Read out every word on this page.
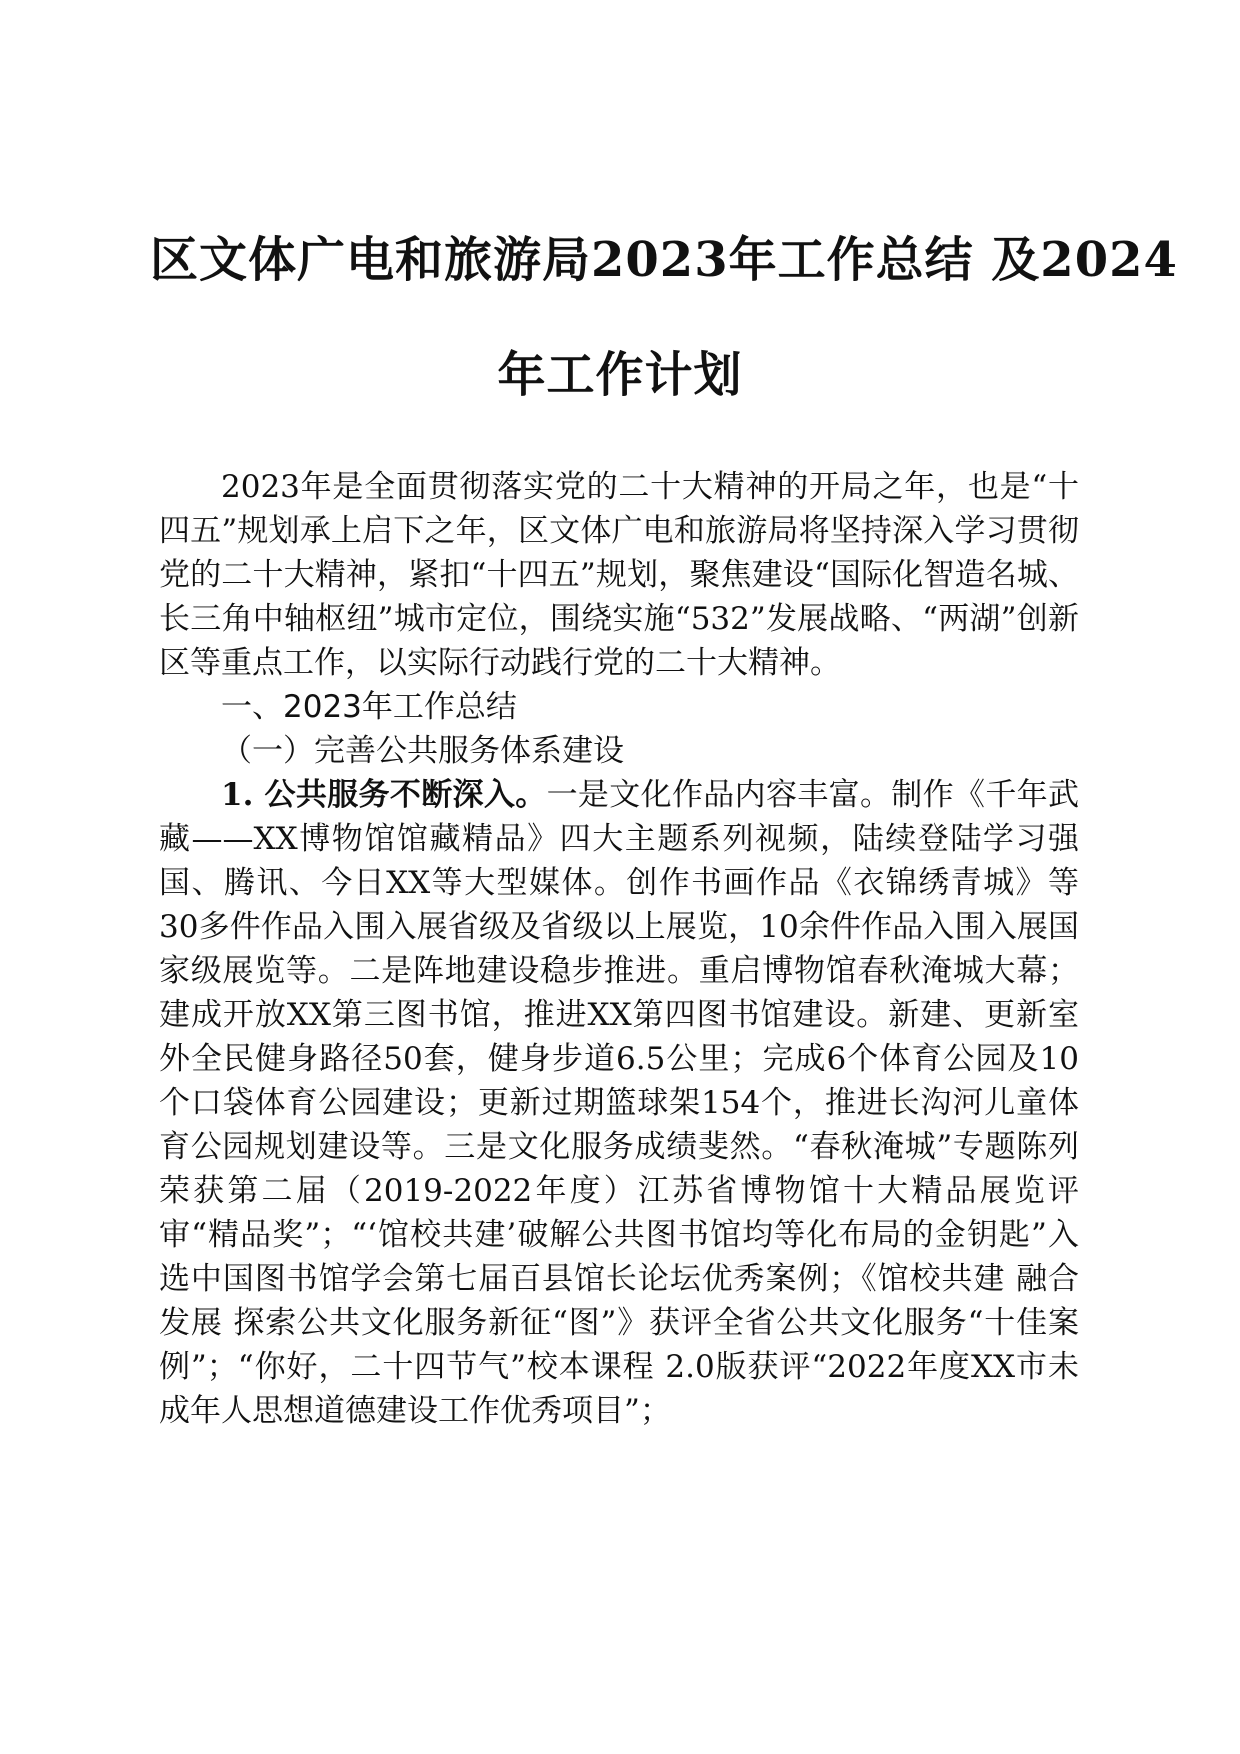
区文体广电和旅游局2023年工作总结 及2024
年工作计划

2023年是全面贯彻落实党的二十大精神的开局之年，也是“十四五”规划承上启下之年，区文体广电和旅游局将坚持深入学习贯彻党的二十大精神，紧扣“十四五”规划，聚焦建设“国际化智造名城、长三角中轴枢纽”城市定位，围绕实施“532”发展战略、“两湖”创新区等重点工作，以实际行动践行党的二十大精神。

一、2023年工作总结

（一）完善公共服务体系建设

1. 公共服务不断深入。一是文化作品内容丰富。制作《千年武藏——XX博物馆馆藏精品》四大主题系列视频，陆续登陆学习强国、腾讯、今日XX等大型媒体。创作书画作品《衣锦绣青城》等30多件作品入围入展省级及省级以上展览，10余件作品入围入展国家级展览等。二是阵地建设稳步推进。重启博物馆春秋淹城大幕；建成开放XX第三图书馆，推进XX第四图书馆建设。新建、更新室外全民健身路径50套，健身步道6.5公里；完成6个体育公园及10个口袋体育公园建设；更新过期篮球架154个，推进长沟河儿童体育公园规划建设等。三是文化服务成绩斐然。“春秋淹城”专题陈列荣获第二届（2019-2022年度）江苏省博物馆十大精品展览评审“精品奖”；“‘馆校共建’破解公共图书馆均等化布局的金钥匙”入选中国图书馆学会第七届百县馆长论坛优秀案例；《馆校共建 融合发展 探索公共文化服务新征“图”》获评全省公共文化服务“十佳案例”；“你好，二十四节气”校本课程 2.0版获评“2022年度XX市未成年人思想道德建设工作优秀项目”；
